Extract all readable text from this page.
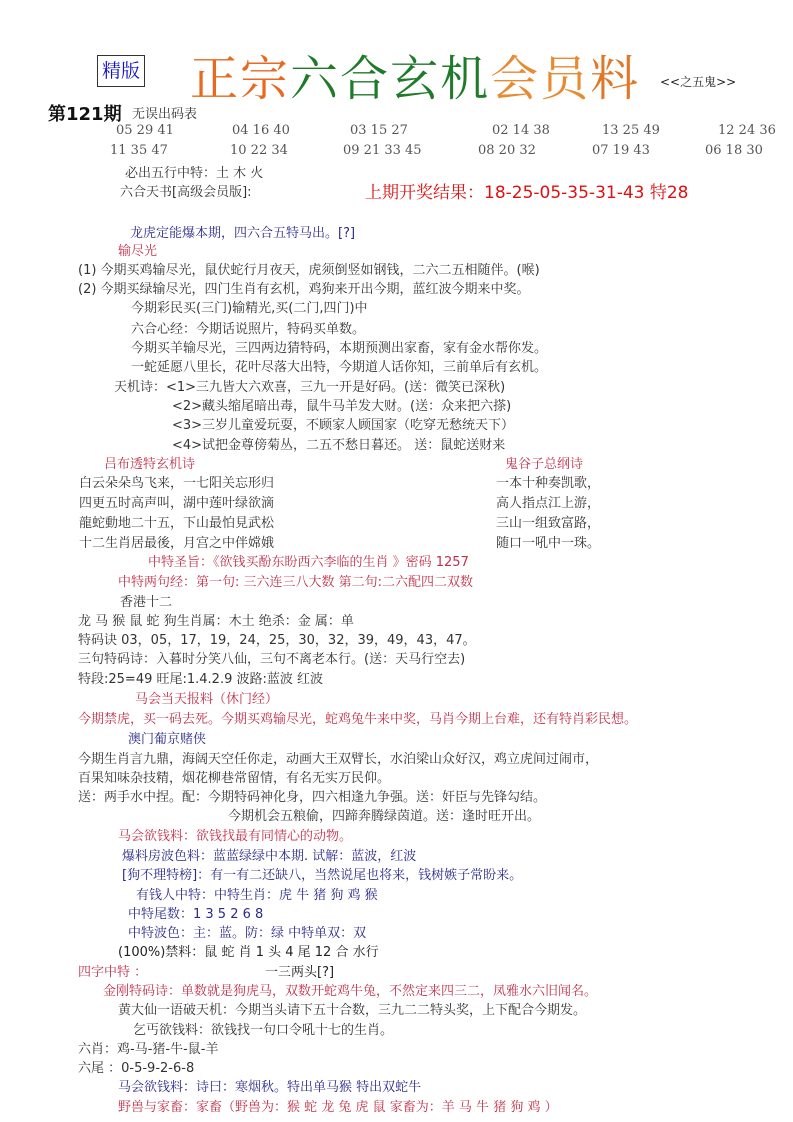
精版 正宗六合玄机会员料 <<之五鬼>>
第121期 无误出码表
05 29 41	04 16 40	03 15 27	02 14 38	13 25 49	12 24 36
11 35 47	10 22 34	09 21 33 45	08 20 32	07 19 43	06 18 30
必出五行中特：土 木 火
六合天书[高级会员版]:	上期开奖结果：18-25-05-35-31-43 特28
龙虎定能爆本期，四六合五特马出。[?]
输尽光
(1) 今期买鸡输尽光，鼠伏蛇行月夜天，虎须倒竖如钢钱，二六二五相随伴。(喉)
(2) 今期买绿输尽光，四门生肖有玄机，鸡狗来开出今期，蓝红波今期来中奖。
今期彩民买(三门)输精光,买(二门,四门)中
六合心经：今期话说照片，特码买单数。
今期买羊输尽光，三四两边猜特码，本期预测出家畜，家有金水帮你发。
一蛇延愿八里长，花叶尽落大出特，今期道人话你知，三前单后有玄机。
天机诗：<1>三九皆大六欢喜，三九一开是好码。(送：微笑已深秋)
<2>藏头缩尾暗出毒，鼠牛马羊发大财。(送：众来把六搽)
<3>三岁儿童爱玩耍，不顾家人顾国家（吃穿无愁统天下）
<4>试把金尊傍菊丛，二五不愁日暮还。 送：鼠蛇送财来
吕布透特玄机诗
白云朵朵鸟飞来，一七阳关忘形归
四更五时高声叫，湖中莲叶绿欲滴
龍蛇動地二十五，下山最怕見武松
十二生肖居最後，月宫之中伴嫦娥
鬼谷子总纲诗
一本十种奏凯歌，
高人指点江上游，
三山一组致富路，
随口一吼中一珠。
中特圣旨：《欲钱买酚东盼西六李临的生肖 》密码 1257
中特两句经：第一句: 三六连三八大数 第二句:二六配四二双数
香港十二
龙 马 猴 鼠 蛇 狗生肖属：木土 绝杀：金 属：单
特码诀 03，05，17，19，24，25，30，32，39，49，43，47。
三句特码诗：入暮时分笑八仙，三句不离老本行。(送：天马行空去)
特段:25=49 旺尾:1.4.2.9 波路:蓝波 红波
马会当天报料（休门经）
今期禁虎，买一码去死。今期买鸡输尽光，蛇鸡兔牛来中奖，马肖今期上台难，还有特肖彩民想。
澳门葡京赌侠
今期生肖言九鼎，海阔天空任你走，动画大王双臂长，水泊梁山众好汉，鸡立虎间过闹市，
百果知味杂技精，烟花柳巷常留情，有名无实万民仰。
送：两手水中捏。配：今期特码神化身，四六相逢九争强。送：奸臣与先锋勾结。
今期机会五粮偷，四蹄奔腾绿茵道。送：逢时旺开出。
马会欲钱料：欲钱找最有同情心的动物。
爆料房波色料：蓝蓝绿绿中本期. 试解：蓝波，红波
[狗不理特榜]：有一有二还缺八，当然说尾也将来，钱树嫉子常盼来。
有钱人中特：中特生肖：虎 牛 猪 狗 鸡 猴
中特尾数：1 3 5 2 6 8
中特波色：主：蓝。防：绿 中特单双：双
(100%)禁料：鼠 蛇 肖 1 头 4 尾 12 合 水行
四字中特 ：	一三两头[?]
金刚特码诗：单数就是狗虎马，双数开蛇鸡牛兔，不然定来四三二，凤雅水六旧闻名。
黄大仙一语破天机：今期当头请下五十合数，三九二二特头奖，上下配合今期发。
乞丐欲钱料：欲钱找一句口令吼十七的生肖。
六肖：鸡-马-猪-牛-鼠-羊
六尾 ：0-5-9-2-6-8
马会欲钱料：诗曰：寒烟秋。特出单马猴 特出双蛇牛
野兽与家畜：家畜（野兽为：猴 蛇 龙 兔 虎 鼠 家畜为：羊 马 牛 猪 狗 鸡 ）
